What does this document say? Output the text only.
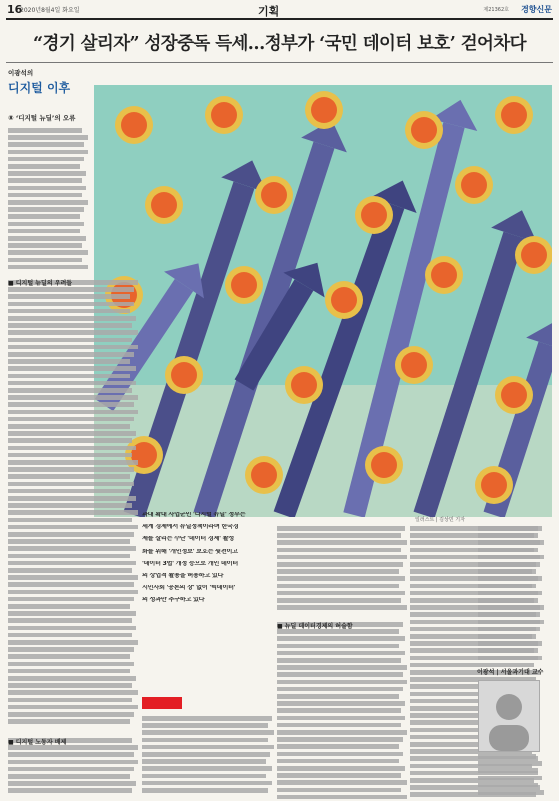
16
2020년8월4일 화요일	기획	제21362호 경향신문
“경기 살리자” 성장중독 득세…정부가 ‘국민 데이터 보호’ 걷어차다
이광석의
디지털 이후
⑧ ‘디지털 뉴딜’의 오류
일러스트 | 김상민 기자
■ 디지털 뉴딜의 우려들
■ 뉴딜 데이터경제의 허술함
■ 디지털 노동자 배제
과대 확대 사업군인 '디지털 뉴딜' 정부는
세계 경제에서 뉴딜정책이라며 한국경
제를 살리는 수단 '데이터 경제' 활성
화를 위해 '개인정보' 보호는 뒷전이고
'데이터 3법' 개정 등으로 개인 데이터
의 상업적 활용을 허용하고 있다
시민사회 '공론의 장' 없이 '빅데이터'
의 성과만 추구하고 있다
이광석 | 서울과기대 교수
